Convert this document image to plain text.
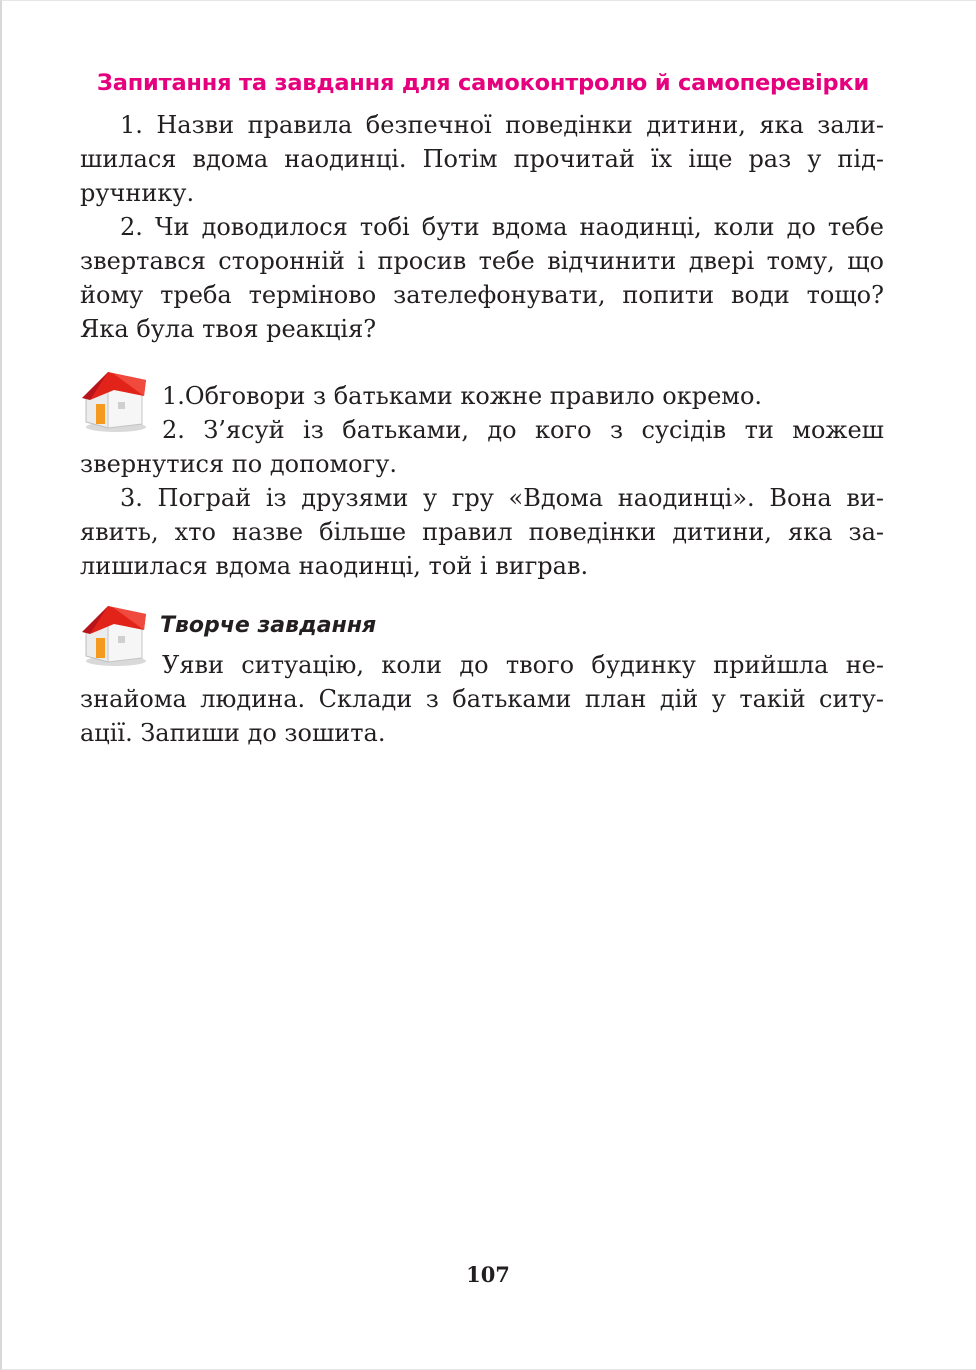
Запитання та завдання для самоконтролю й самоперевірки
1. Назви правила безпечної поведінки дитини, яка зали-
шилася вдома наодинці. Потім прочитай їх іще раз у під-
ручнику.
2. Чи доводилося тобі бути вдома наодинці, коли до тебе
звертався сторонній і просив тебе відчинити двері тому, що
йому треба терміново зателефонувати, попити води тощо?
Яка була твоя реакція?
1.Обговори з батьками кожне правило окремо.
2. З’ясуй із батьками, до кого з сусідів ти можеш
звернутися по допомогу.
3. Пограй із друзями у гру «Вдома наодинці». Вона ви-
явить, хто назве більше правил поведінки дитини, яка за-
лишилася вдома наодинці, той і виграв.
Творче завдання
Уяви ситуацію, коли до твого будинку прийшла не-
знайома людина. Склади з батьками план дій у такій ситу-
ації. Запиши до зошита.
107
